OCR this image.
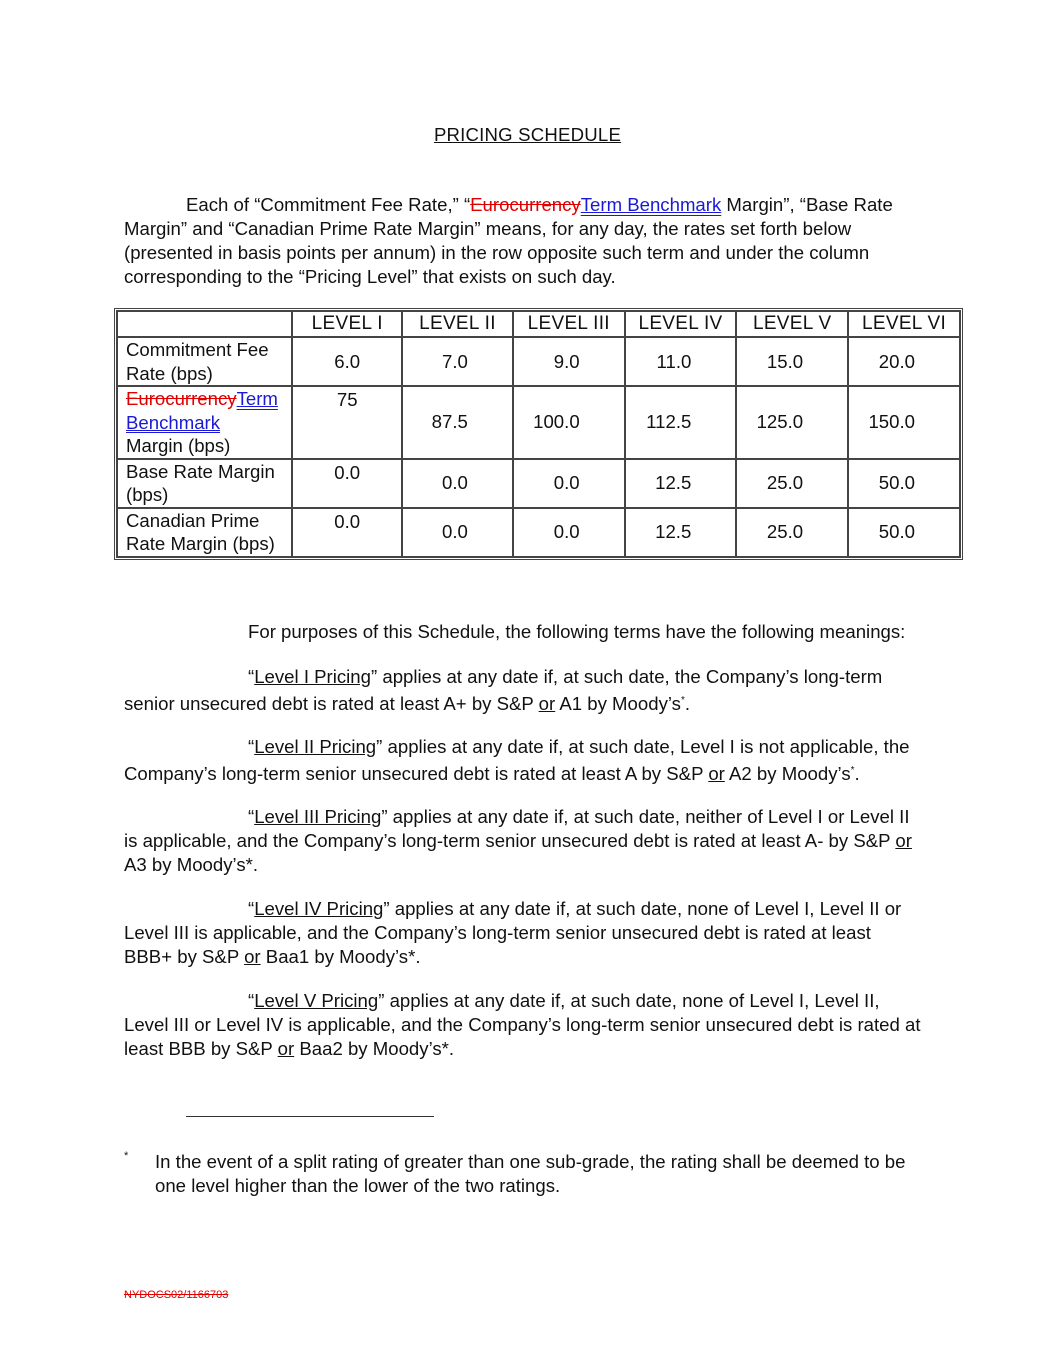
PRICING SCHEDULE

Each of “Commitment Fee Rate,” “EurocurrencyTerm Benchmark Margin”, “Base Rate Margin” and “Canadian Prime Rate Margin” means, for any day, the rates set forth below (presented in basis points per annum) in the row opposite such term and under the column corresponding to the “Pricing Level” that exists on such day.

	LEVEL I	LEVEL II	LEVEL III	LEVEL IV	LEVEL V	LEVEL VI
Commitment Fee Rate (bps)	6.0	7.0	9.0	11.0	15.0	20.0
EurocurrencyTerm Benchmark
Margin (bps)	75	87.5	100.0	112.5	125.0	150.0
Base Rate Margin (bps)	0.0	0.0	0.0	12.5	25.0	50.0
Canadian Prime Rate Margin (bps)	0.0	0.0	0.0	12.5	25.0	50.0

For purposes of this Schedule, the following terms have the following meanings:

“Level I Pricing” applies at any date if, at such date, the Company’s long-term senior unsecured debt is rated at least A+ by S&P or A1 by Moody’s*.

“Level II Pricing” applies at any date if, at such date, Level I is not applicable, the Company’s long-term senior unsecured debt is rated at least A by S&P or A2 by Moody’s*.

“Level III Pricing” applies at any date if, at such date, neither of Level I or Level II is applicable, and the Company’s long-term senior unsecured debt is rated at least A- by S&P or A3 by Moody’s*.

“Level IV Pricing” applies at any date if, at such date, none of Level I, Level II or Level III is applicable, and the Company’s long-term senior unsecured debt is rated at least BBB+ by S&P or Baa1 by Moody’s*.

“Level V Pricing” applies at any date if, at such date, none of Level I, Level II, Level III or Level IV is applicable, and the Company’s long-term senior unsecured debt is rated at least BBB by S&P or Baa2 by Moody’s*.

* In the event of a split rating of greater than one sub-grade, the rating shall be deemed to be one level higher than the lower of the two ratings.
NYDOCS02/1166703
